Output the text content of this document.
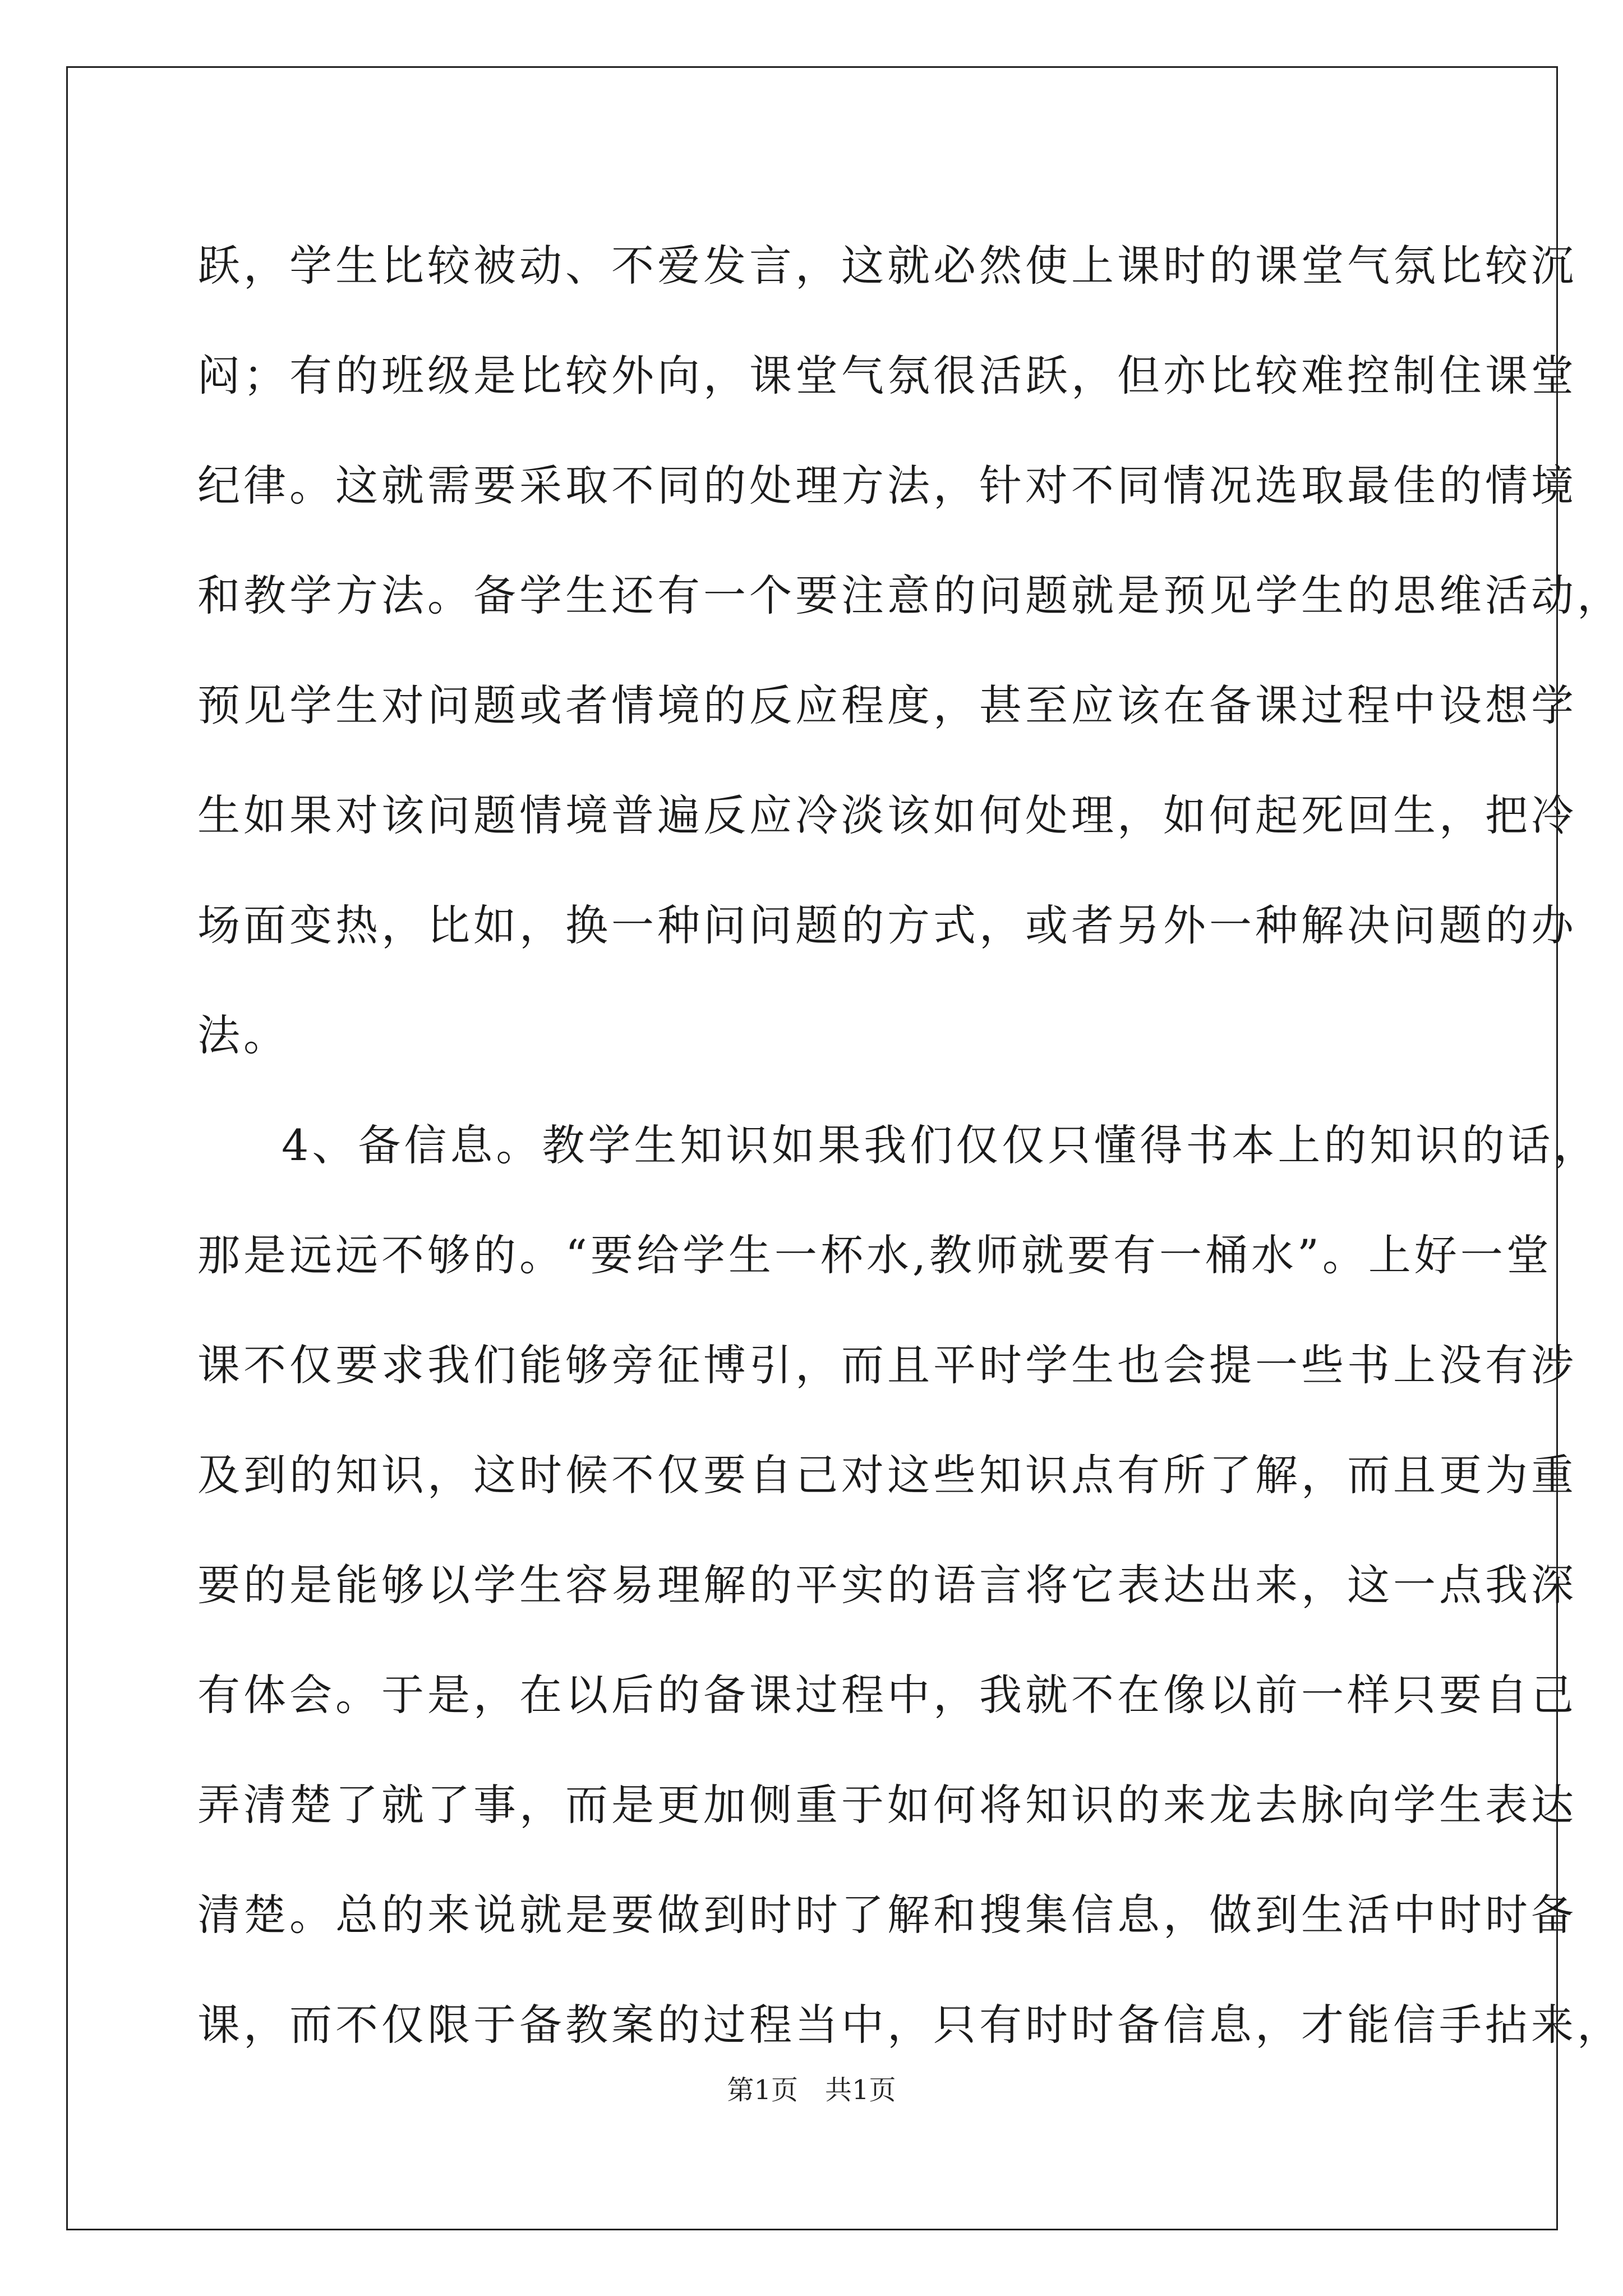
跃，学生比较被动、不爱发言，这就必然使上课时的课堂气氛比较沉
闷；有的班级是比较外向，课堂气氛很活跃，但亦比较难控制住课堂
纪律。这就需要采取不同的处理方法，针对不同情况选取最佳的情境
和教学方法。备学生还有一个要注意的问题就是预见学生的思维活动，
预见学生对问题或者情境的反应程度，甚至应该在备课过程中设想学
生如果对该问题情境普遍反应冷淡该如何处理，如何起死回生，把冷
场面变热，比如，换一种问问题的方式，或者另外一种解决问题的办
法。
4、备信息。教学生知识如果我们仅仅只懂得书本上的知识的话，
那是远远不够的。“要给学生一杯水,教师就要有一桶水”。上好一堂
课不仅要求我们能够旁征博引，而且平时学生也会提一些书上没有涉
及到的知识，这时候不仅要自己对这些知识点有所了解，而且更为重
要的是能够以学生容易理解的平实的语言将它表达出来，这一点我深
有体会。于是，在以后的备课过程中，我就不在像以前一样只要自己
弄清楚了就了事，而是更加侧重于如何将知识的来龙去脉向学生表达
清楚。总的来说就是要做到时时了解和搜集信息，做到生活中时时备
课，而不仅限于备教案的过程当中，只有时时备信息，才能信手拈来，
第1页　共1页
